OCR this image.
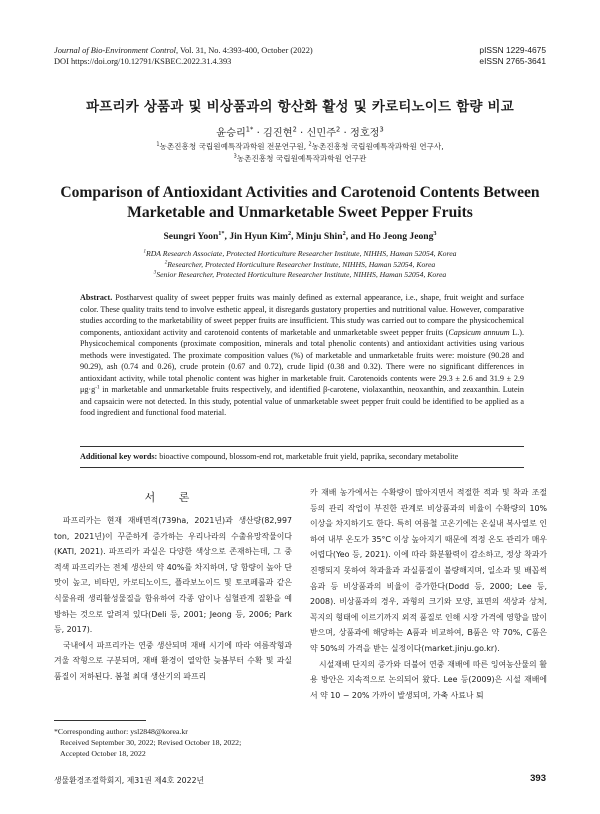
Journal of Bio-Environment Control, Vol. 31, No. 4:393-400, October (2022)
DOI https://doi.org/10.12791/KSBEC.2022.31.4.393
pISSN 1229-4675
eISSN 2765-3641
파프리카 상품과 및 비상품과의 항산화 활성 및 카로티노이드 함량 비교
윤승리$^{1*}$ · 김진현$^2$ · 신민주$^2$ · 정호정$^3$
$^1$농촌진흥청 국립원예특작과학원 전문연구원, $^2$농촌진흥청 국립원예특작과학원 연구사,
$^3$농촌진흥청 국립원예특작과학원 연구관
Comparison of Antioxidant Activities and Carotenoid Contents Between
Marketable and Unmarketable Sweet Pepper Fruits
Seungri Yoon$^{1*}$, Jin Hyun Kim$^2$, Minju Shin$^2$, and Ho Jeong Jeong$^3$
$^1$RDA Research Associate, Protected Horticulture Researcher Institute, NIHHS, Haman 52054, Korea
$^2$Researcher, Protected Horticulture Researcher Institute, NIHHS, Haman 52054, Korea
$^3$Senior Researcher, Protected Horticulture Researcher Institute, NIHHS, Haman 52054, Korea
Abstract. Postharvest quality of sweet pepper fruits was mainly defined as external appearance, i.e., shape, fruit weight and surface color. These quality traits tend to involve esthetic appeal, it disregards gustatory properties and nutritional value. However, comparative studies according to the marketability of sweet pepper fruits are insufficient. This study was carried out to compare the physicochemical components, antioxidant activity and carotenoid contents of marketable and unmarketable sweet pepper fruits (Capsicum annuum L.). Physicochemical components (proximate composition, minerals and total phenolic contents) and antioxidant activities using various methods were investigated. The proximate composition values (%) of marketable and unmarketable fruits were: moisture (90.28 and 90.29), ash (0.74 and 0.26), crude protein (0.67 and 0.72), crude lipid (0.38 and 0.32). There were no significant differences in antioxidant activity, while total phenolic content was higher in marketable fruit. Carotenoids contents were 29.3 ± 2.6 and 31.9 ± 2.9 $\mu g\cdot g^{-1}$ in marketable and unmarketable fruits respectively, and identified β-carotene, violaxanthin, neoxanthin, and zeaxanthin. Lutein and capsaicin were not detected. In this study, potential value of unmarketable sweet pepper fruit could be identified to be applied as a food ingredient and functional food material.
Additional key words: bioactive compound, blossom-end rot, marketable fruit yield, paprika, secondary metabolite
서 론

파프리카는 현재 재배면적(739ha, 2021년)과 생산량(82,997 ton, 2021년)이 꾸준하게 증가하는 우리나라의 수출유망작물이다(KATI, 2021). 파프리카 과실은 다양한 색상으로 존재하는데, 그 중 적색 파프리카는 전체 생산의 약 40%를 차지하며, 당 함량이 높아 단맛이 높고, 비타민, 카로티노이드, 플라보노이드 및 토코페롤과 같은 식물유래 생리활성물질을 함유하여 각종 암이나 심혈관계 질환을 예방하는 것으로 알려져 있다(Deli 등, 2001; Jeong 등, 2006; Park 등, 2017).

국내에서 파프리카는 연중 생산되며 재배 시기에 따라 여름작형과 겨울 작형으로 구분되며, 재배 환경이 열악한 늦봄부터 수확 및 과실 품질이 저하된다. 봄철 최대 생산기의 파프리

카 재배 농가에서는 수확량이 많아지면서 적절한 적과 및 착과 조절 등의 관리 작업이 부진한 관계로 비상품과의 비율이 수확량의 10% 이상을 차지하기도 한다. 특히 여름철 고온기에는 온실내 복사열로 인하여 내부 온도가 35°C 이상 높아지기 때문에 적정 온도 관리가 매우 어렵다(Yeo 등, 2021). 이에 따라 화분활력이 감소하고, 정상 착과가 진행되지 못하여 착과율과 과실품질이 불량해지며, 일소과 및 배꼽썩음과 등 비상품과의 비율이 증가한다(Dodd 등, 2000; Lee 등, 2008). 비상품과의 경우, 과형의 크기와 모양, 표면의 색상과 상처, 꼭지의 형태에 이르기까지 외적 품질로 인해 시장 가격에 영향을 많이 받으며, 상품과에 해당하는 A품과 비교하여, B품은 약 70%, C품은 약 50%의 가격을 받는 실정이다(market.jinju.go.kr).

시설재배 단지의 증가와 더불어 연중 재배에 따른 잉여농산물의 활용 방안은 지속적으로 논의되어 왔다. Lee 등(2009)은 시설 재배에서 약 10 − 20% 가까이 발생되며, 가축 사료나 퇴

*Corresponding author: ysl2848@korea.kr
Received September 30, 2022; Revised October 18, 2022;
Accepted October 18, 2022
생물환경조절학회지, 제31권 제4호 2022년	393
